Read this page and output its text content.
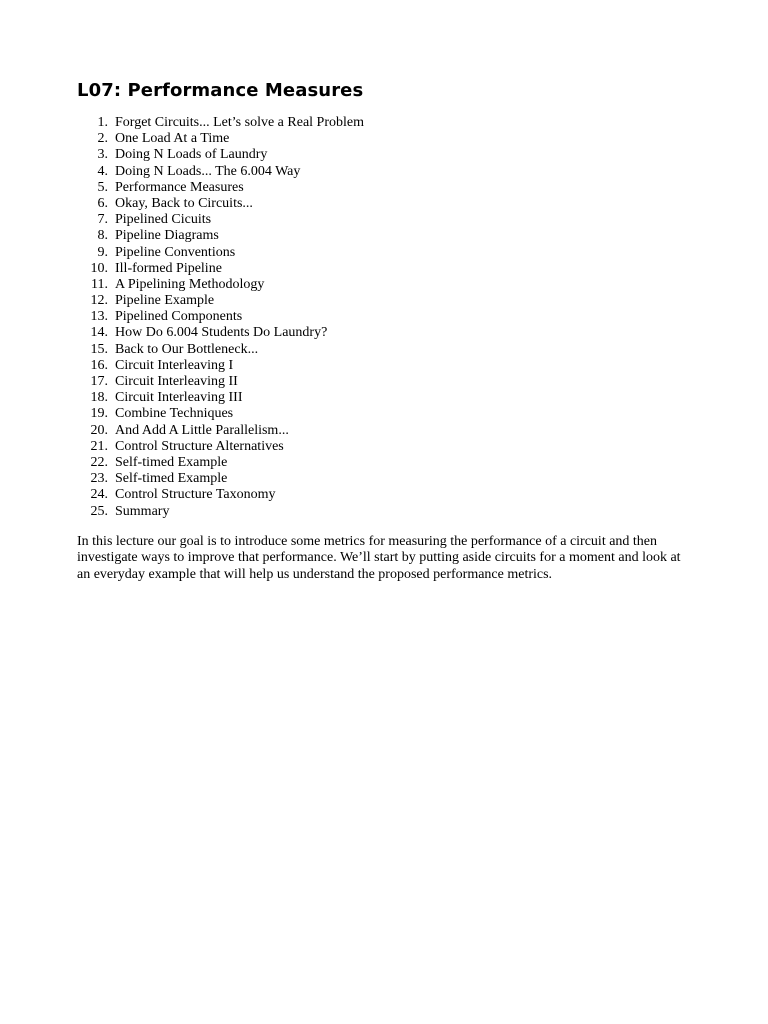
L07: Performance Measures
1. Forget Circuits... Let’s solve a Real Problem
2. One Load At a Time
3. Doing N Loads of Laundry
4. Doing N Loads... The 6.004 Way
5. Performance Measures
6. Okay, Back to Circuits...
7. Pipelined Cicuits
8. Pipeline Diagrams
9. Pipeline Conventions
10. Ill-formed Pipeline
11. A Pipelining Methodology
12. Pipeline Example
13. Pipelined Components
14. How Do 6.004 Students Do Laundry?
15. Back to Our Bottleneck...
16. Circuit Interleaving I
17. Circuit Interleaving II
18. Circuit Interleaving III
19. Combine Techniques
20. And Add A Little Parallelism...
21. Control Structure Alternatives
22. Self-timed Example
23. Self-timed Example
24. Control Structure Taxonomy
25. Summary

In this lecture our goal is to introduce some metrics for measuring the performance of a circuit and then investigate ways to improve that performance. We’ll start by putting aside circuits for a moment and look at an everyday example that will help us understand the proposed performance metrics.
